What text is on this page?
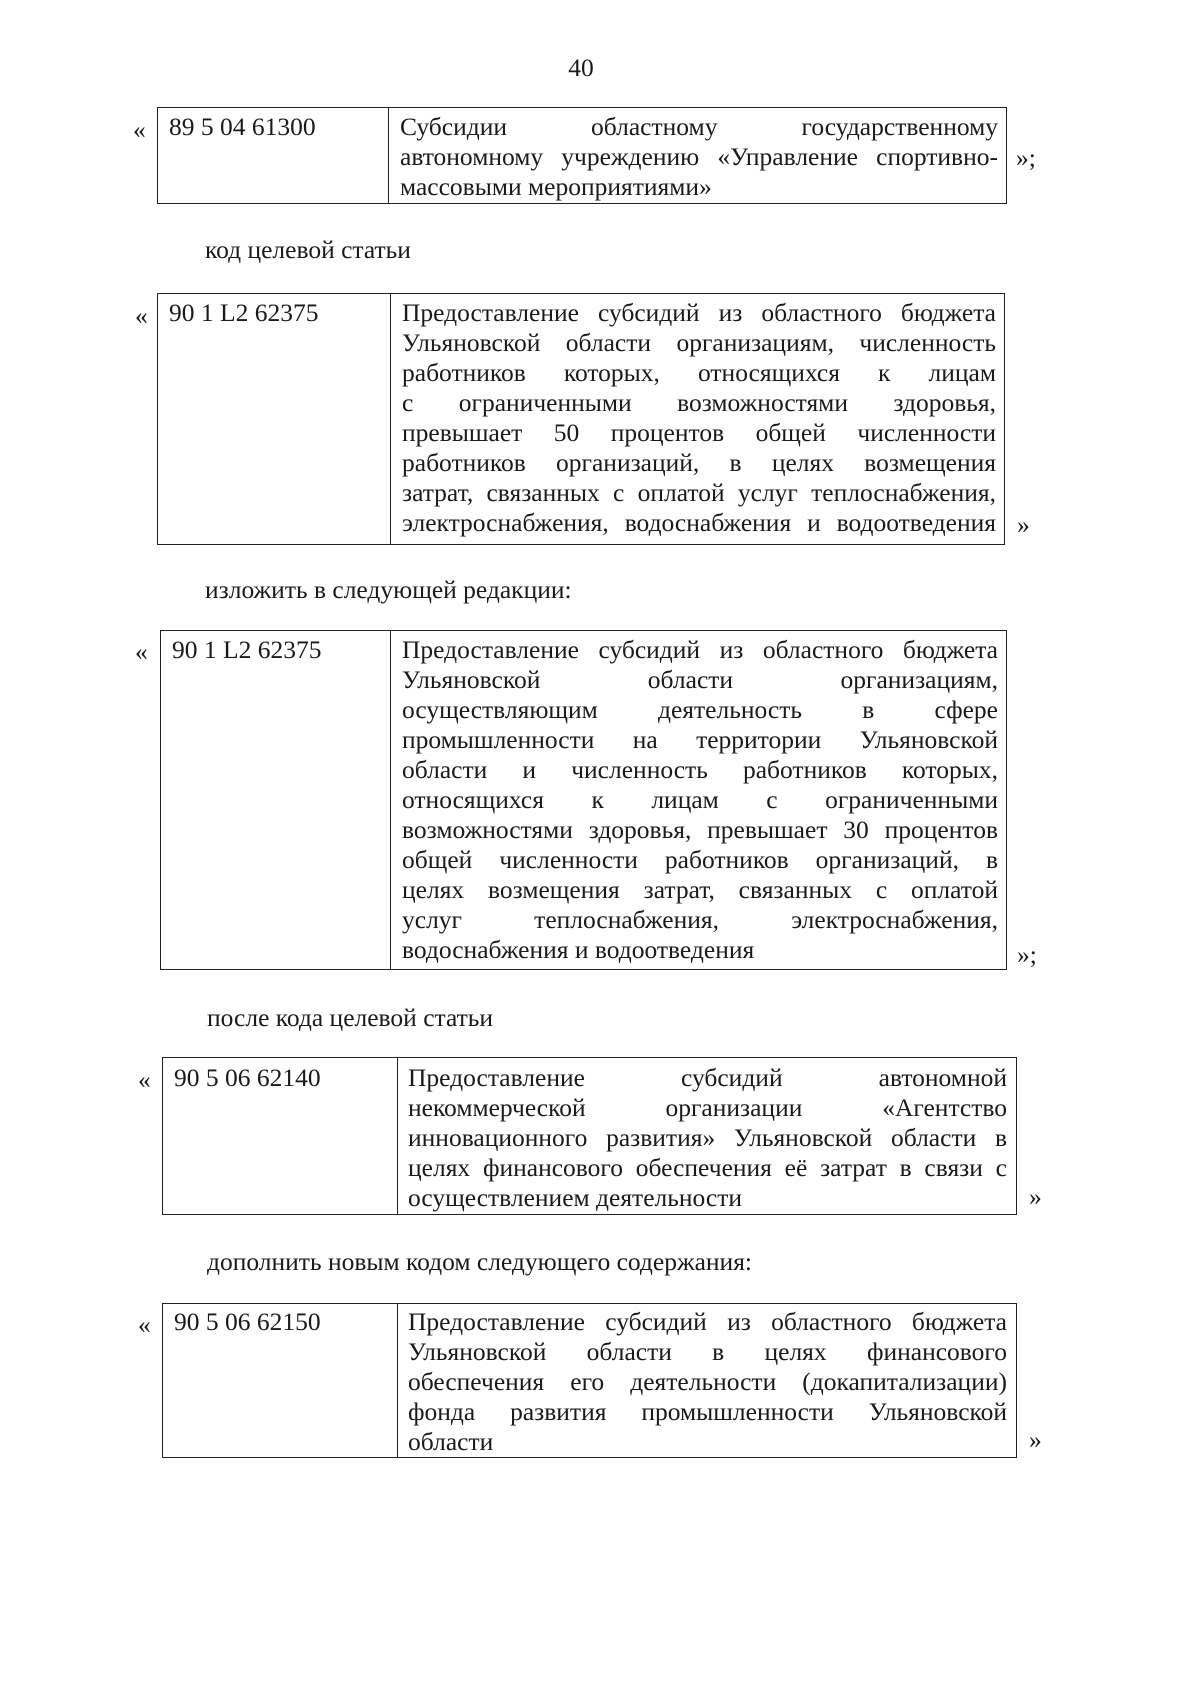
40
« 89 5 04 61300	Субсидии областному государственному
автономному учреждению «Управление спортивно-
массовыми мероприятиями»
»;
код целевой статьи
« 90 1 L2 62375	Предоставление субсидий из областного бюджета
Ульяновской области организациям, численность
работников которых, относящихся к лицам
с ограниченными возможностями здоровья,
превышает 50 процентов общей численности
работников организаций, в целях возмещения
затрат, связанных с оплатой услуг теплоснабжения,
электроснабжения, водоснабжения и водоотведения »
изложить в следующей редакции:
« 90 1 L2 62375	Предоставление субсидий из областного бюджета
Ульяновской области организациям,
осуществляющим деятельность в сфере
промышленности на территории Ульяновской
области и численность работников которых,
относящихся к лицам с ограниченными
возможностями здоровья, превышает 30 процентов
общей численности работников организаций, в
целях возмещения затрат, связанных с оплатой
услуг теплоснабжения, электроснабжения,
водоснабжения и водоотведения	»;
после кода целевой статьи
« 90 5 06 62140	Предоставление субсидий автономной
некоммерческой организации «Агентство
инновационного развития» Ульяновской области в
целях финансового обеспечения её затрат в связи с
осуществлением деятельности	»
дополнить новым кодом следующего содержания:
« 90 5 06 62150	Предоставление субсидий из областного бюджета
Ульяновской области в целях финансового
обеспечения его деятельности (докапитализации)
фонда развития промышленности Ульяновской
области	»
